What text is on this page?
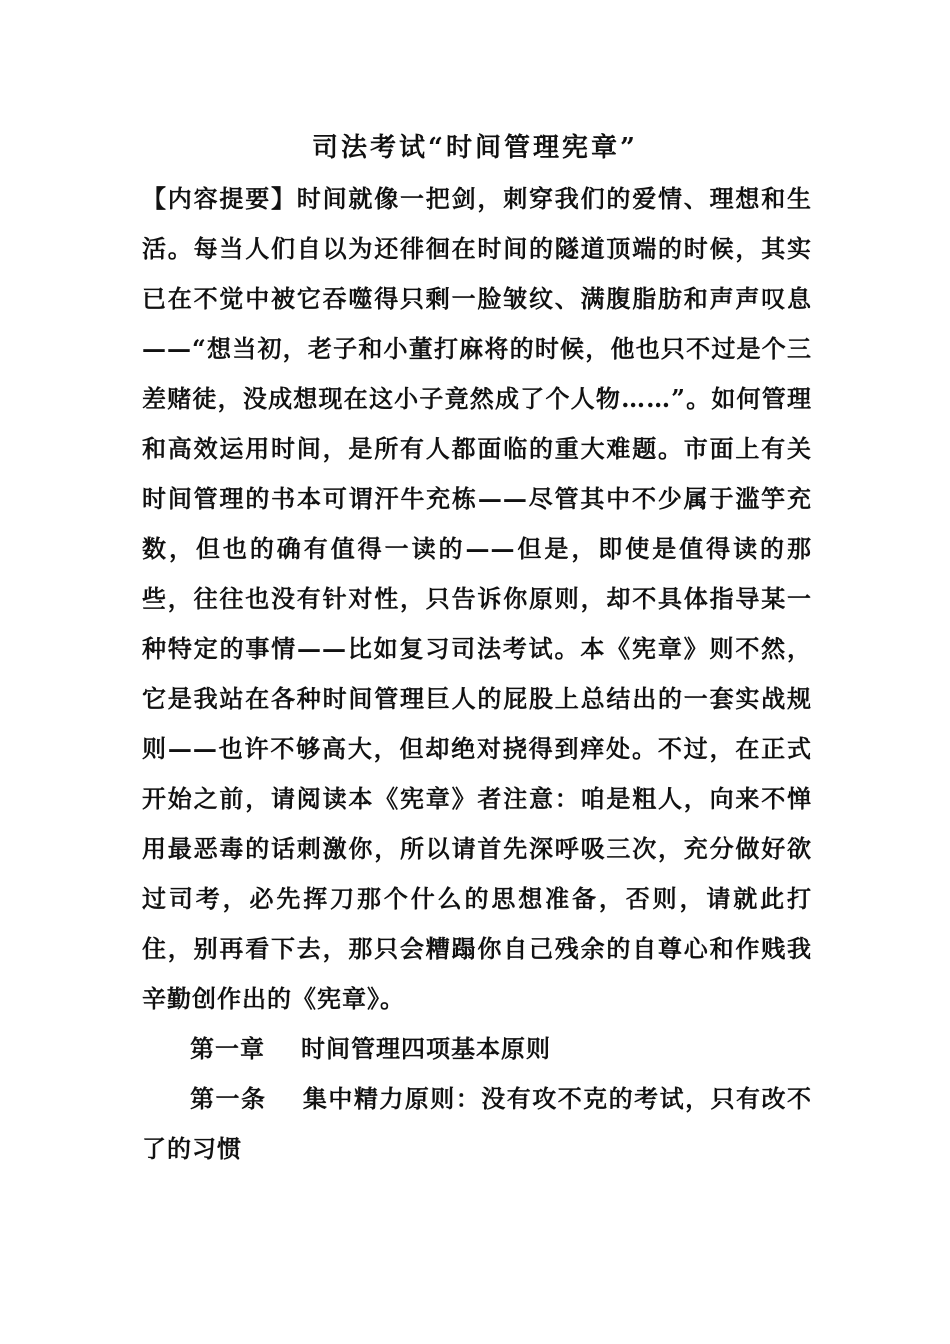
司法考试“时间管理宪章”

【内容提要】时间就像一把剑，刺穿我们的爱情、理想和生活。每当人们自以为还徘徊在时间的隧道顶端的时候，其实已在不觉中被它吞噬得只剩一脸皱纹、满腹脂肪和声声叹息——“想当初，老子和小董打麻将的时候，他也只不过是个三差赌徒，没成想现在这小子竟然成了个人物……”。如何管理和高效运用时间，是所有人都面临的重大难题。市面上有关时间管理的书本可谓汗牛充栋——尽管其中不少属于滥竽充数，但也的确有值得一读的——但是，即使是值得读的那些，往往也没有针对性，只告诉你原则，却不具体指导某一种特定的事情——比如复习司法考试。本《宪章》则不然，它是我站在各种时间管理巨人的屁股上总结出的一套实战规则——也许不够高大，但却绝对挠得到痒处。不过，在正式开始之前，请阅读本《宪章》者注意：咱是粗人，向来不惮用最恶毒的话刺激你，所以请首先深呼吸三次，充分做好欲过司考，必先挥刀那个什么的思想准备，否则，请就此打住，别再看下去，那只会糟蹋你自己残余的自尊心和作贱我辛勤创作出的《宪章》。

第一章 时间管理四项基本原则

第一条 集中精力原则：没有攻不克的考试，只有改不了的习惯
